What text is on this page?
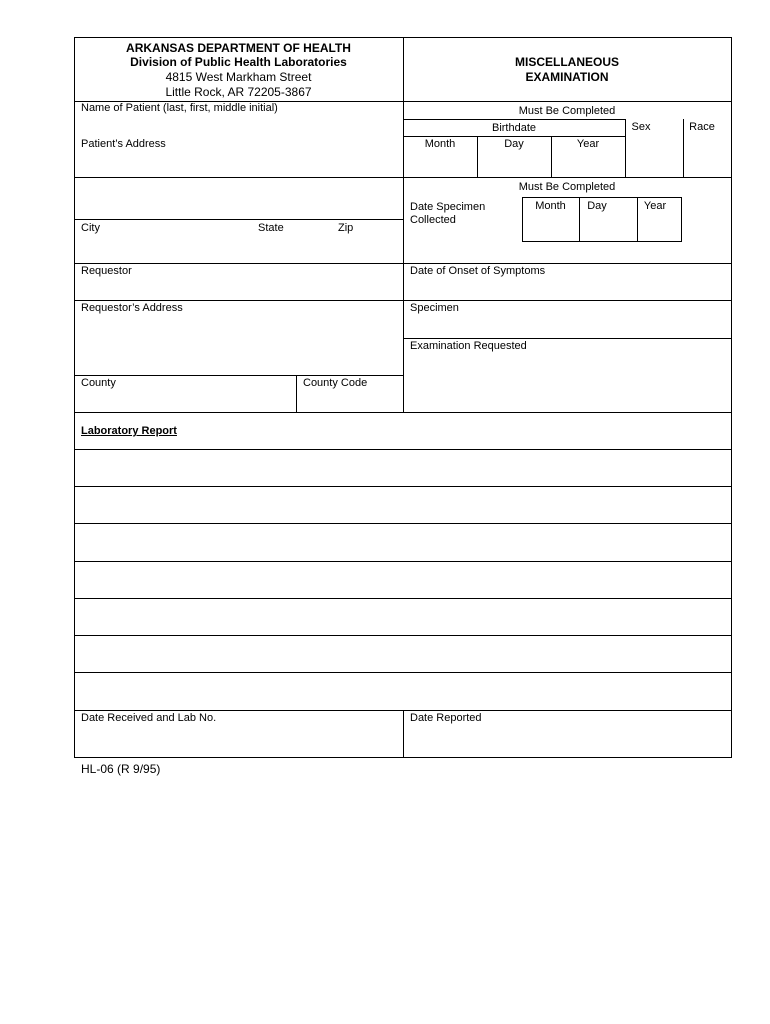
ARKANSAS DEPARTMENT OF HEALTH
Division of Public Health Laboratories
4815 West Markham Street
Little Rock, AR 72205-3867
MISCELLANEOUS
EXAMINATION
Name of Patient (last, first, middle initial)
Patient’s Address
City	State	Zip
Must Be Completed
Birthdate	Sex	Race
Month	Day	Year
Must Be Completed
Date Specimen
Collected
Month	Day	Year
Requestor
Requestor’s Address
County	County Code
Date of Onset of Symptoms
Specimen
Examination Requested
Laboratory Report
Date Received and Lab No.	Date Reported
HL-06 (R 9/95)
